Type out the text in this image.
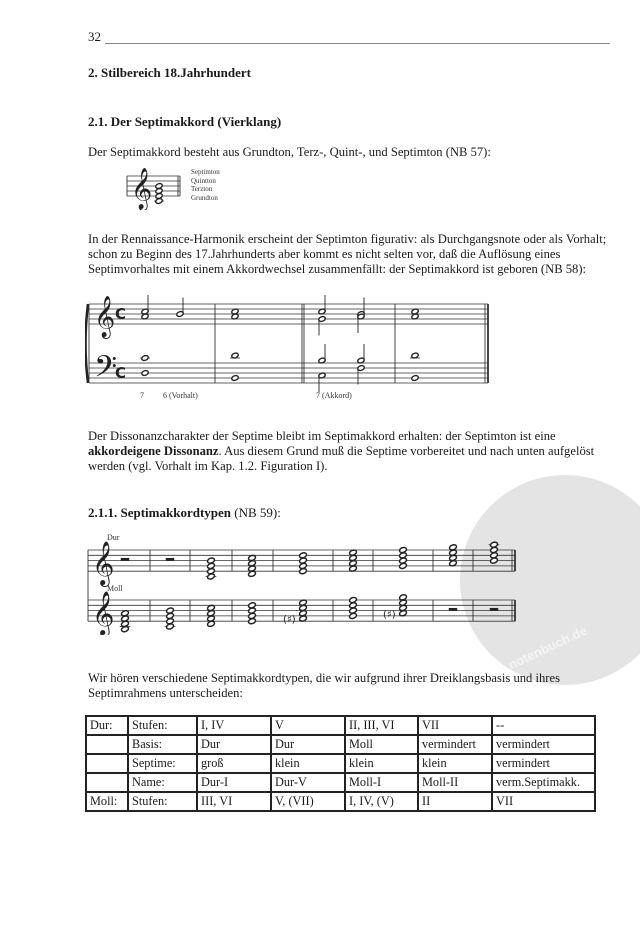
notenbuch.de
32
2. Stilbereich 18.Jahrhundert
2.1. Der Septimakkord (Vierklang)
Der Septimakkord besteht aus Grundton, Terz-, Quint-, und Septimton (NB 57):
𝄞	Septimton
Quintton
Terzton
Grundton
In der Rennaissance-Harmonik erscheint der Septimton figurativ: als Durchgangsnote oder als Vorhalt; schon zu Beginn des 17.Jahrhunderts aber kommt es nicht selten vor, daß die Auflösung eines Septimvorhaltes mit einem Akkordwechsel zusammenfällt: der Septimakkord ist geboren (NB 58):
𝄞
𝄢
C
C
7 6 (Vorhalt)	7 (Akkord)
Der Dissonanzcharakter der Septime bleibt im Septimakkord erhalten: der Septimton ist eine akkordeigene Dissonanz. Aus diesem Grund muß die Septime vorbereitet und nach unten aufgelöst werden (vgl. Vorhalt im Kap. 1.2. Figuration I).
2.1.1. Septimakkordtypen (NB 59):
Dur
Moll
𝄞
𝄞	(♯)	(♯)
Wir hören verschiedene Septimakkordtypen, die wir aufgrund ihrer Dreiklangsbasis und ihres Septimrahmens unterscheiden:
Dur:	Stufen:	I, IV	V	II, III, VI	VII	--
	Basis:	Dur	Dur	Moll	vermindert	vermindert
	Septime:	groß	klein	klein	klein	vermindert
	Name:	Dur-I	Dur-V	Moll-I	Moll-II	verm.Septimakk.
Moll:	Stufen:	III, VI	V, (VII)	I, IV, (V)	II	VII
